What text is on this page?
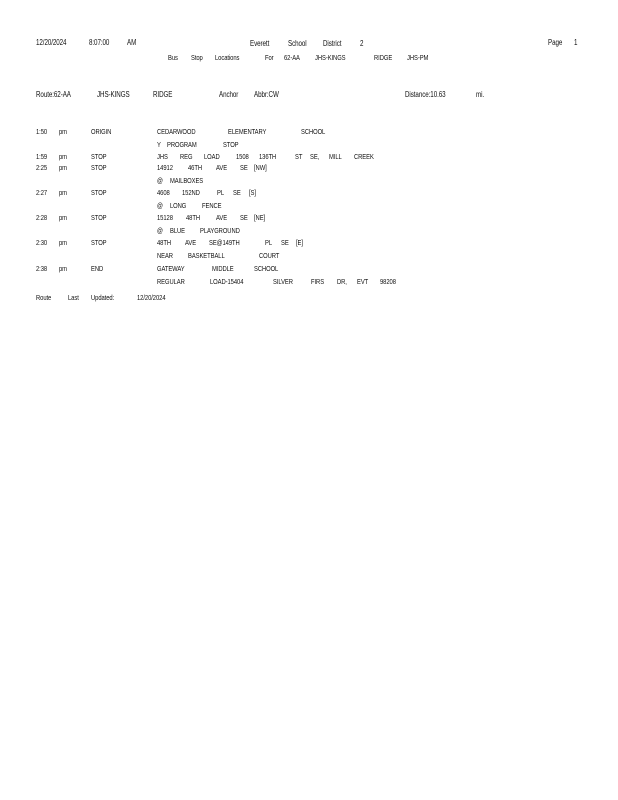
12/20/2024	8:07:00 AM	Everett School District 2	Page 1
Bus Stop Locations	For 62-AA JHS-KINGS	RIDGE JHS-PM
Route:62-AA	JHS-KINGS	RIDGE	Anchor Abbr:CW	Distance:10.63	mi.
1:50 pm	ORIGIN	CEDARWOOD	ELEMENTARY	SCHOOL
Y PROGRAM	STOP
1:59 pm	STOP	JHS REG LOAD 1508 136TH	ST SE, MILL CREEK
2:25 pm	STOP	14912 46TH AVE SE [NW]
@ MAILBOXES
2:27 pm	STOP	4608 152ND PL SE [S]
@ LONG FENCE
2:28 pm	STOP	15128 48TH AVE SE [NE]
@ BLUE PLAYGROUND
2:30 pm	STOP	48TH AVE SE@149TH	PL SE [E]
NEAR BASKETBALL	COURT
2:38 pm	END	GATEWAY	MIDDLE	SCHOOL
REGULAR	LOAD-15404	SILVER FIRS DR, EVT 98208
Route Last Updated:	12/20/2024
